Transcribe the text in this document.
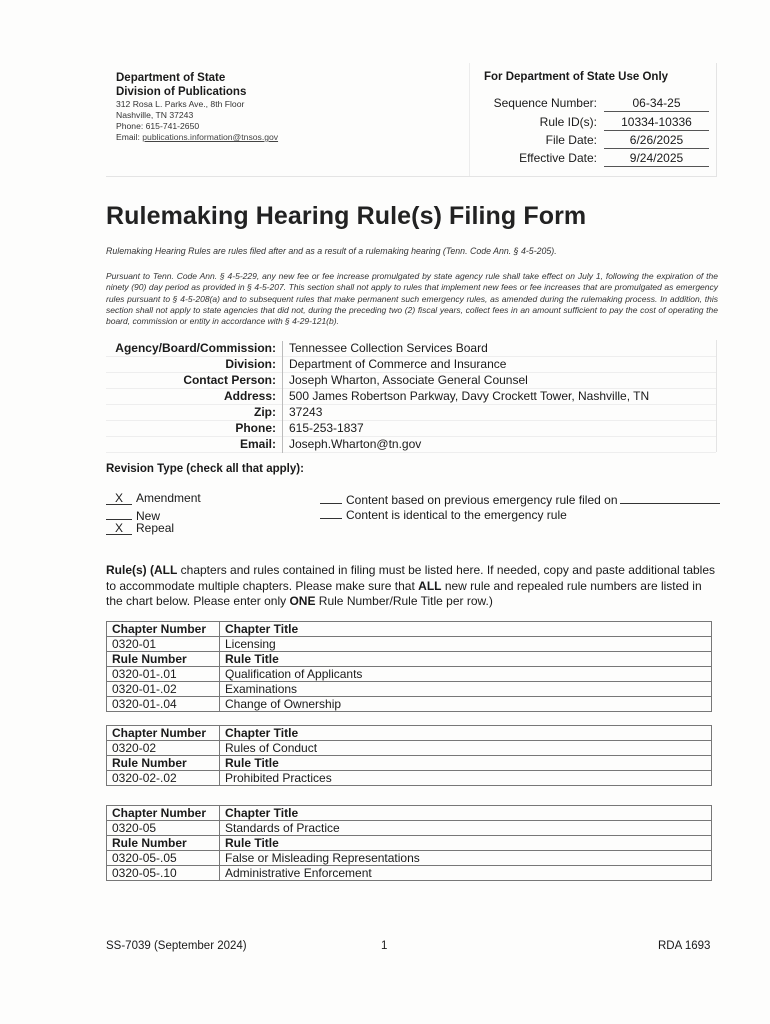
Department of State
Division of Publications
312 Rosa L. Parks Ave., 8th Floor
Nashville, TN 37243
Phone: 615-741-2650
Email: publications.information@tnsos.gov
For Department of State Use Only
Sequence Number:	06-34-25
Rule ID(s):	10334-10336
File Date:	6/26/2025
Effective Date:	9/24/2025
Rulemaking Hearing Rule(s) Filing Form
Rulemaking Hearing Rules are rules filed after and as a result of a rulemaking hearing (Tenn. Code Ann. § 4-5-205).
Pursuant to Tenn. Code Ann. § 4-5-229, any new fee or fee increase promulgated by state agency rule shall take effect on July 1, following the expiration of the ninety (90) day period as provided in § 4-5-207. This section shall not apply to rules that implement new fees or fee increases that are promulgated as emergency rules pursuant to § 4-5-208(a) and to subsequent rules that make permanent such emergency rules, as amended during the rulemaking process. In addition, this section shall not apply to state agencies that did not, during the preceding two (2) fiscal years, collect fees in an amount sufficient to pay the cost of operating the board, commission or entity in accordance with § 4-29-121(b).
Agency/Board/Commission:	Tennessee Collection Services Board
Division:	Department of Commerce and Insurance
Contact Person:	Joseph Wharton, Associate General Counsel
Address:	500 James Robertson Parkway, Davy Crockett Tower, Nashville, TN
Zip:	37243
Phone:	615-253-1837
Email:	Joseph.Wharton@tn.gov
Revision Type (check all that apply):
X Amendment
New
X Repeal
Content based on previous emergency rule filed on
Content is identical to the emergency rule
Rule(s) (ALL chapters and rules contained in filing must be listed here. If needed, copy and paste additional tables to accommodate multiple chapters. Please make sure that ALL new rule and repealed rule numbers are listed in the chart below. Please enter only ONE Rule Number/Rule Title per row.)
Chapter Number	Chapter Title
0320-01	Licensing
Rule Number	Rule Title
0320-01-.01	Qualification of Applicants
0320-01-.02	Examinations
0320-01-.04	Change of Ownership
Chapter Number	Chapter Title
0320-02	Rules of Conduct
Rule Number	Rule Title
0320-02-.02	Prohibited Practices
Chapter Number	Chapter Title
0320-05	Standards of Practice
Rule Number	Rule Title
0320-05-.05	False or Misleading Representations
0320-05-.10	Administrative Enforcement
SS-7039 (September 2024)	1	RDA 1693
